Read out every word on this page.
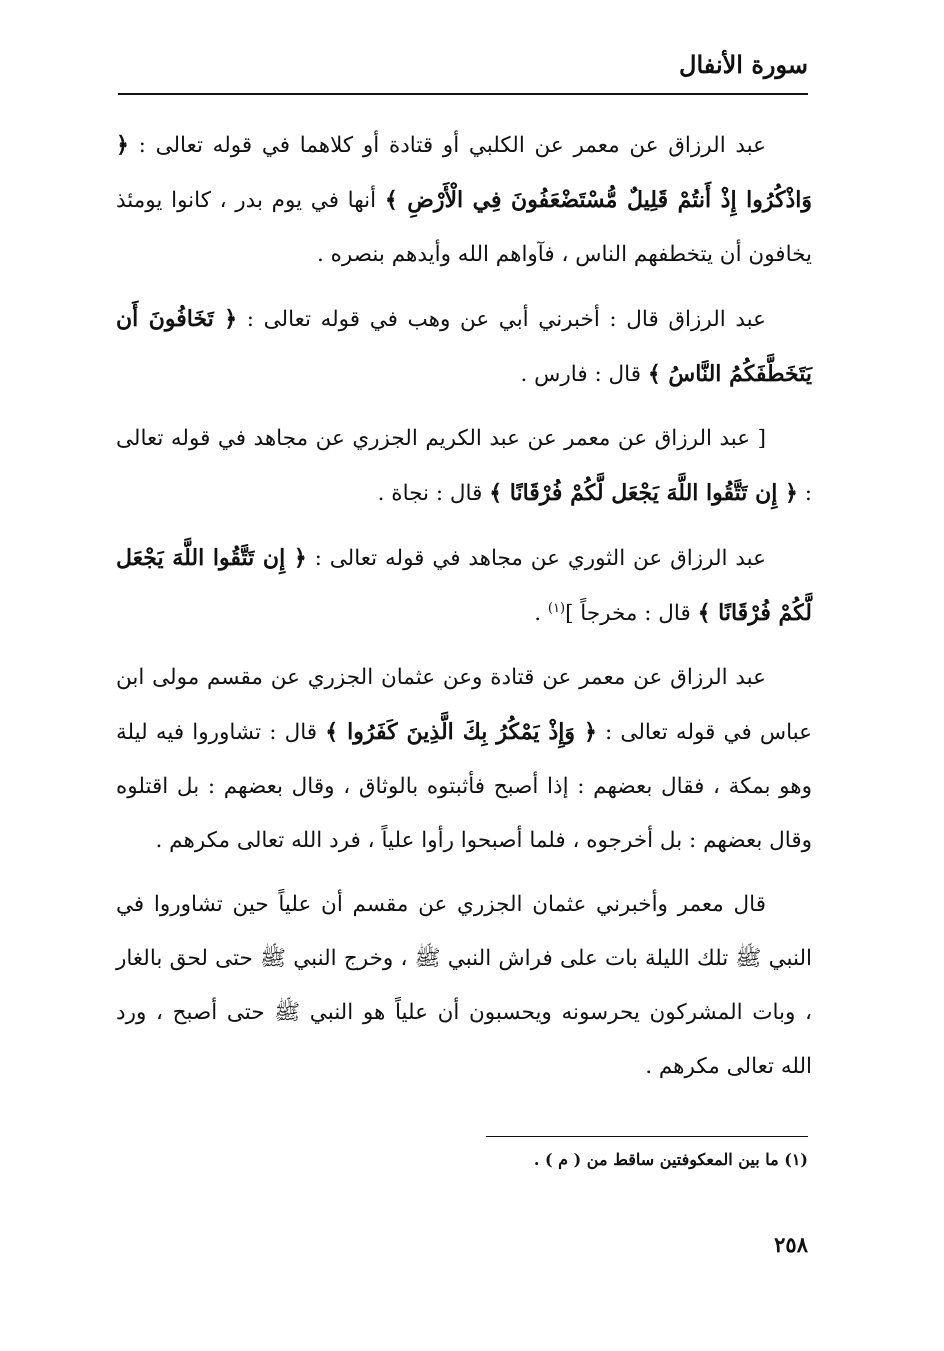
سورة الأنفال

عبد الرزاق عن معمر عن الكلبي أو قتادة أو كلاهما في قوله تعالى : ﴿ وَاذْكُرُوا إِذْ أَنتُمْ قَلِيلٌ مُّسْتَضْعَفُونَ فِي الْأَرْضِ ﴾ أنها في يوم بدر ، كانوا يومئذ يخافون أن يتخطفهم الناس ، فآواهم الله وأيدهم بنصره .

عبد الرزاق قال : أخبرني أبي عن وهب في قوله تعالى : ﴿ تَخَافُونَ أَن يَتَخَطَّفَكُمُ النَّاسُ ﴾ قال : فارس .

[ عبد الرزاق عن معمر عن عبد الكريم الجزري عن مجاهد في قوله تعالى : ﴿ إِن تَتَّقُوا اللَّهَ يَجْعَل لَّكُمْ فُرْقَانًا ﴾ قال : نجاة .

عبد الرزاق عن الثوري عن مجاهد في قوله تعالى : ﴿ إِن تَتَّقُوا اللَّهَ يَجْعَل لَّكُمْ فُرْقَانًا ﴾ قال : مخرجاً ]$^{(١)}$ .

عبد الرزاق عن معمر عن قتادة وعن عثمان الجزري عن مقسم مولى ابن عباس في قوله تعالى : ﴿ وَإِذْ يَمْكُرُ بِكَ الَّذِينَ كَفَرُوا ﴾ قال : تشاوروا فيه ليلة وهو بمكة ، فقال بعضهم : إذا أصبح فأثبتوه بالوثاق ، وقال بعضهم : بل اقتلوه وقال بعضهم : بل أخرجوه ، فلما أصبحوا رأوا علياً ، فرد الله تعالى مكرهم .

قال معمر وأخبرني عثمان الجزري عن مقسم أن علياً حين تشاوروا في النبي ﷺ تلك الليلة بات على فراش النبي ﷺ ، وخرج النبي ﷺ حتى لحق بالغار ، وبات المشركون يحرسونه ويحسبون أن علياً هو النبي ﷺ حتى أصبح ، ورد الله تعالى مكرهم .

(١) ما بين المعكوفتين ساقط من ( م ) .
٢٥٨
